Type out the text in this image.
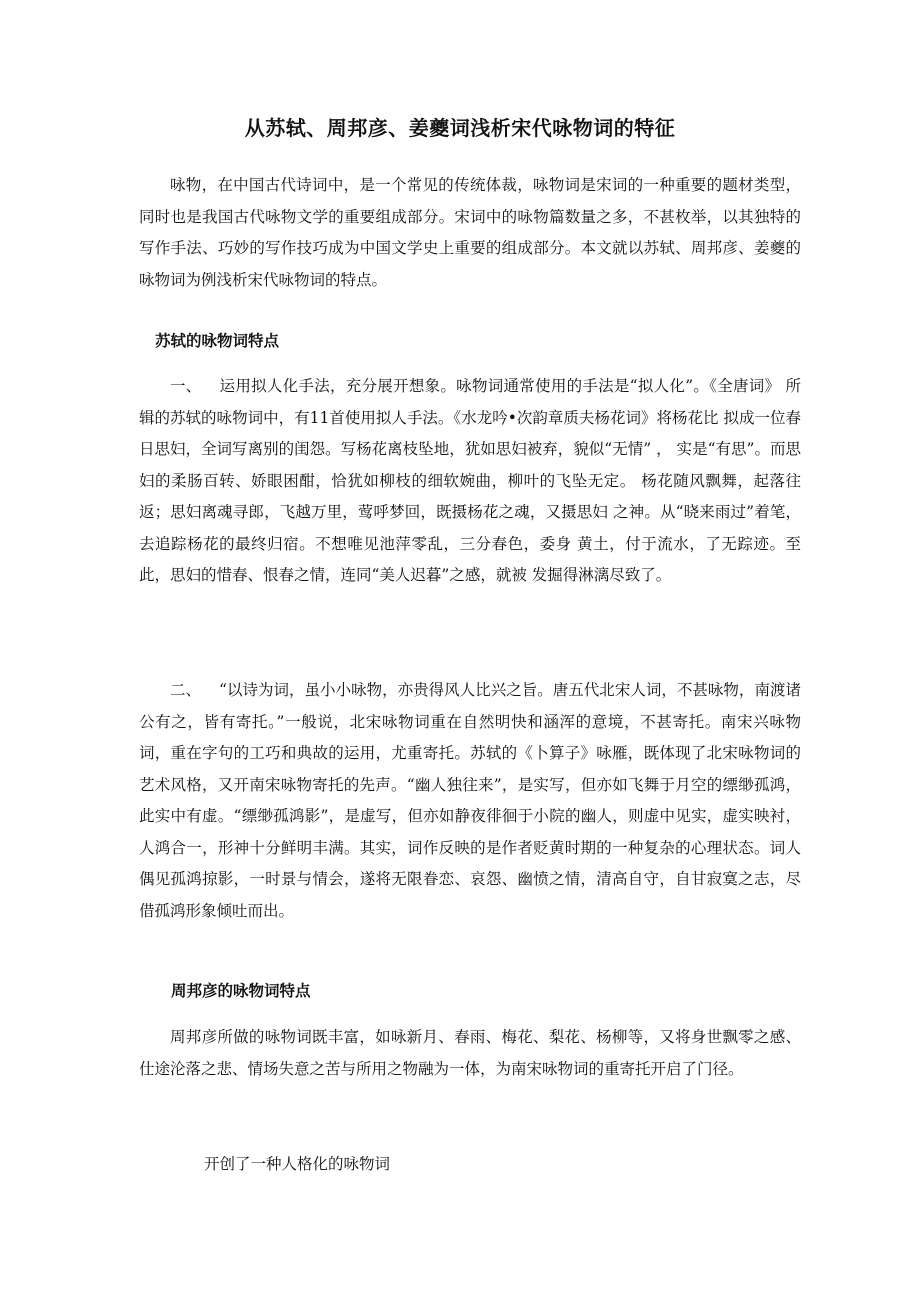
从苏轼、周邦彦、姜夔词浅析宋代咏物词的特征

咏物，在中国古代诗词中，是一个常见的传统体裁，咏物词是宋词的一种重要的题材类型，同时也是我国古代咏物文学的重要组成部分。宋词中的咏物篇数量之多，不甚枚举，以其独特的写作手法、巧妙的写作技巧成为中国文学史上重要的组成部分。本文就以苏轼、周邦彦、姜夔的咏物词为例浅析宋代咏物词的特点。

苏轼的咏物词特点

一、 运用拟人化手法，充分展开想象。咏物词通常使用的手法是“拟人化”。《全唐词》 所辑的苏轼的咏物词中，有11首使用拟人手法。《水龙吟•次韵章质夫杨花词》将杨花比 拟成一位春日思妇，全词写离别的闺怨。写杨花离枝坠地，犹如思妇被弃，貌似“无情” ， 实是“有思”。而思妇的柔肠百转、娇眼困酣，恰犹如柳枝的细软婉曲，柳叶的飞坠无定。 杨花随风飘舞，起落往返；思妇离魂寻郎，飞越万里，莺呼梦回，既摄杨花之魂，又摄思妇 之神。从“晓来雨过”着笔，去追踪杨花的最终归宿。不想唯见池萍零乱，三分春色，委身 黄土，付于流水，了无踪迹。至此，思妇的惜春、恨春之情，连同“美人迟暮”之感，就被 发掘得淋漓尽致了。

二、 “以诗为词，虽小小咏物，亦贵得风人比兴之旨。唐五代北宋人词，不甚咏物，南渡诸公有之，皆有寄托。”一般说，北宋咏物词重在自然明快和涵浑的意境，不甚寄托。南宋兴咏物词，重在字句的工巧和典故的运用，尤重寄托。苏轼的《卜算子》咏雁，既体现了北宋咏物词的艺术风格，又开南宋咏物寄托的先声。“幽人独往来”，是实写，但亦如飞舞于月空的缥缈孤鸿，此实中有虚。“缥缈孤鸿影”，是虚写，但亦如静夜徘徊于小院的幽人，则虚中见实，虚实映衬，人鸿合一，形神十分鲜明丰满。其实，词作反映的是作者贬黄时期的一种复杂的心理状态。词人偶见孤鸿掠影，一时景与情会，遂将无限眷恋、哀怨、幽愤之情，清高自守，自甘寂寞之志，尽借孤鸿形象倾吐而出。

周邦彦的咏物词特点

周邦彦所做的咏物词既丰富，如咏新月、春雨、梅花、梨花、杨柳等，又将身世飘零之感、仕途沦落之悲、情场失意之苦与所用之物融为一体，为南宋咏物词的重寄托开启了门径。

开创了一种人格化的咏物词
